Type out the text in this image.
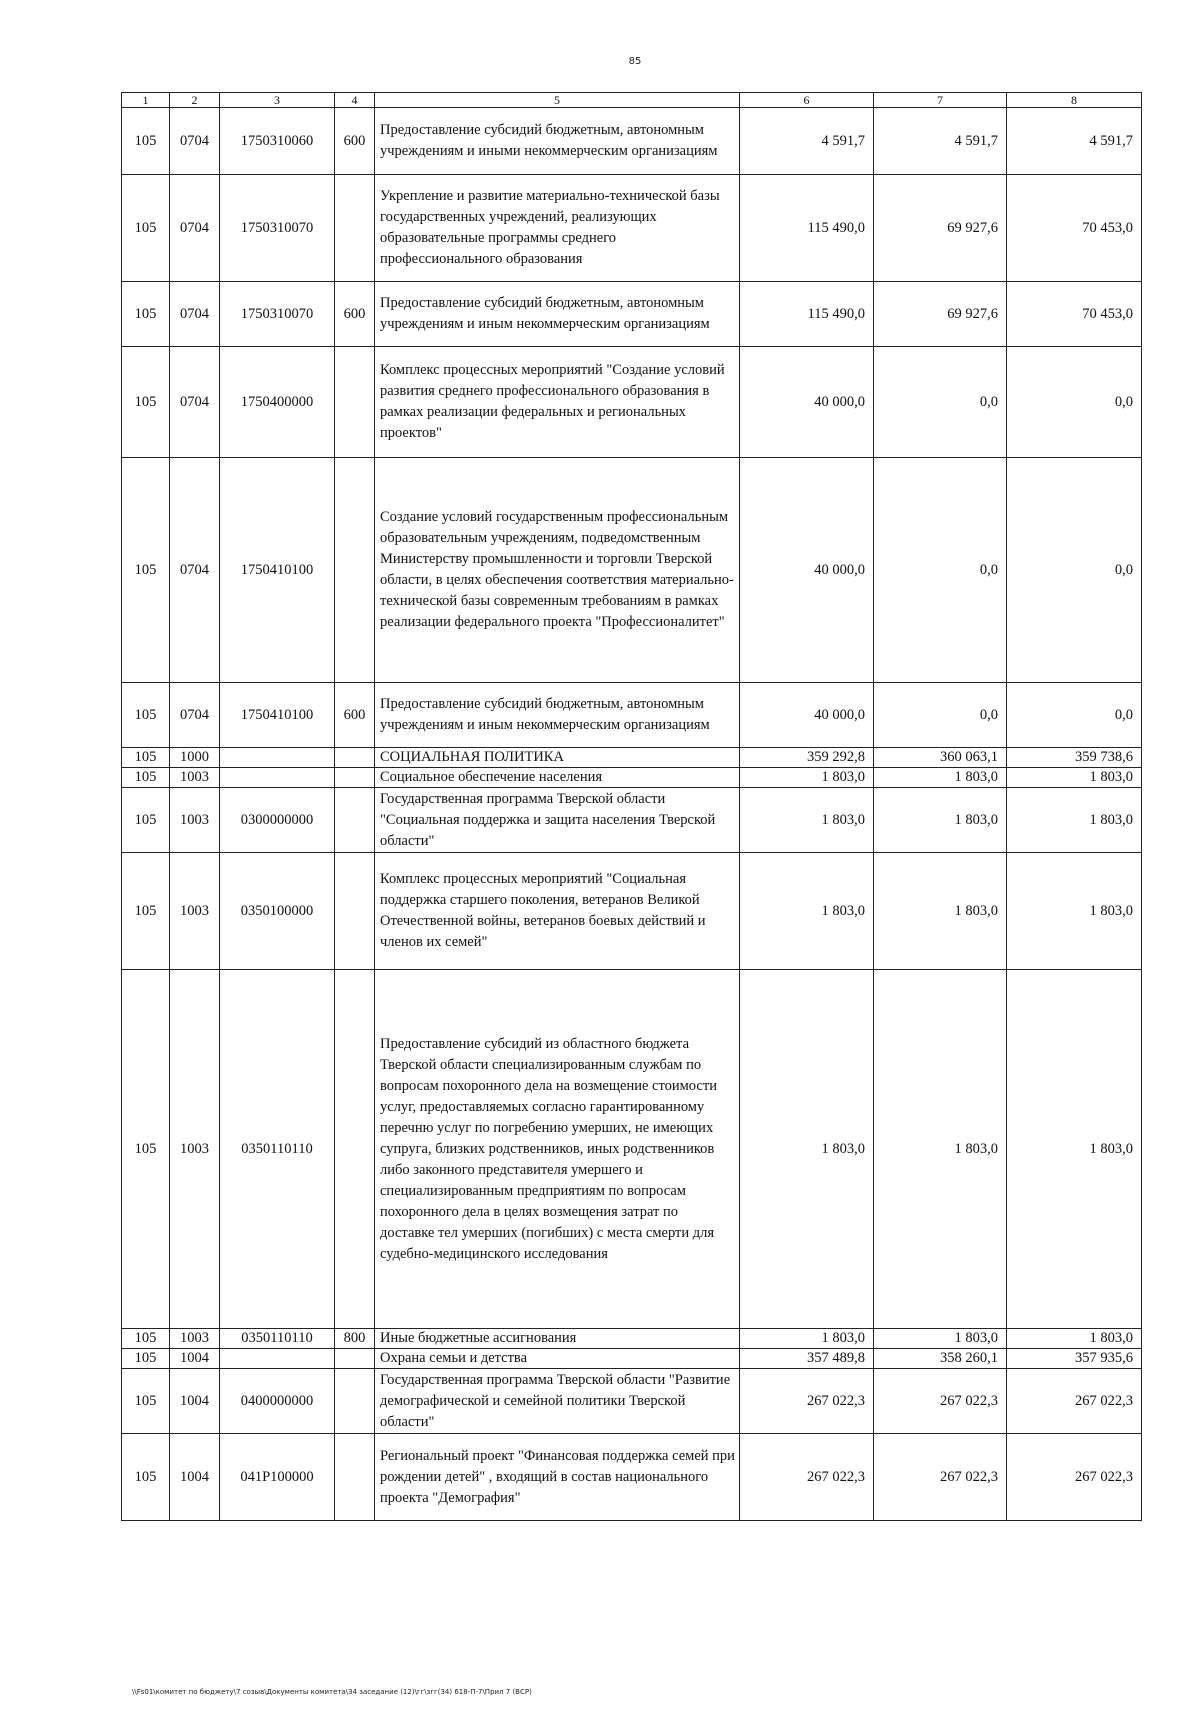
85
1	2	3	4	5	6	7	8
105	0704	1750310060	600	Предоставление субсидий бюджетным, автономным учреждениям и иными некоммерческим организациям	4 591,7	4 591,7	4 591,7
105	0704	1750310070		Укрепление и развитие материально-технической базы государственных учреждений, реализующих образовательные программы среднего профессионального образования	115 490,0	69 927,6	70 453,0
105	0704	1750310070	600	Предоставление субсидий бюджетным, автономным учреждениям и иным некоммерческим организациям	115 490,0	69 927,6	70 453,0
105	0704	1750400000		Комплекс процессных мероприятий "Создание условий развития среднего профессионального образования в рамках реализации федеральных и региональных проектов"	40 000,0	0,0	0,0
105	0704	1750410100		Создание условий государственным профессиональным образовательным учреждениям, подведомственным Министерству промышленности и торговли Тверской области, в целях обеспечения соответствия материально-технической базы современным требованиям в рамках реализации федерального проекта "Профессионалитет"	40 000,0	0,0	0,0
105	0704	1750410100	600	Предоставление субсидий бюджетным, автономным учреждениям и иным некоммерческим организациям	40 000,0	0,0	0,0
105	1000			СОЦИАЛЬНАЯ ПОЛИТИКА	359 292,8	360 063,1	359 738,6
105	1003			Социальное обеспечение населения	1 803,0	1 803,0	1 803,0
105	1003	0300000000		Государственная программа Тверской области "Социальная поддержка и защита населения Тверской области"	1 803,0	1 803,0	1 803,0
105	1003	0350100000		Комплекс процессных мероприятий "Социальная поддержка старшего поколения, ветеранов Великой Отечественной войны, ветеранов боевых действий и членов их семей"	1 803,0	1 803,0	1 803,0
105	1003	0350110110		Предоставление субсидий из областного бюджета Тверской области специализированным службам по вопросам похоронного дела на возмещение стоимости услуг, предоставляемых согласно гарантированному перечню услуг по погребению умерших, не имеющих супруга, близких родственников, иных родственников либо законного представителя умершего и специализированным предприятиям по вопросам похоронного дела в целях возмещения затрат по доставке тел умерших (погибших) с места смерти для судебно-медицинского исследования	1 803,0	1 803,0	1 803,0
105	1003	0350110110	800	Иные бюджетные ассигнования	1 803,0	1 803,0	1 803,0
105	1004			Охрана семьи и детства	357 489,8	358 260,1	357 935,6
105	1004	0400000000		Государственная программа Тверской области "Развитие демографической и семейной политики Тверской области"	267 022,3	267 022,3	267 022,3
105	1004	041P100000		Региональный проект "Финансовая поддержка семей при рождении детей" , входящий в состав национального проекта "Демография"	267 022,3	267 022,3	267 022,3
\\Fs01\комитет по бюджету\7 созыв\Документы комитета\34 заседание (12)\гг\згг(34) 618-П-7\Прил 7 (ВСР)
